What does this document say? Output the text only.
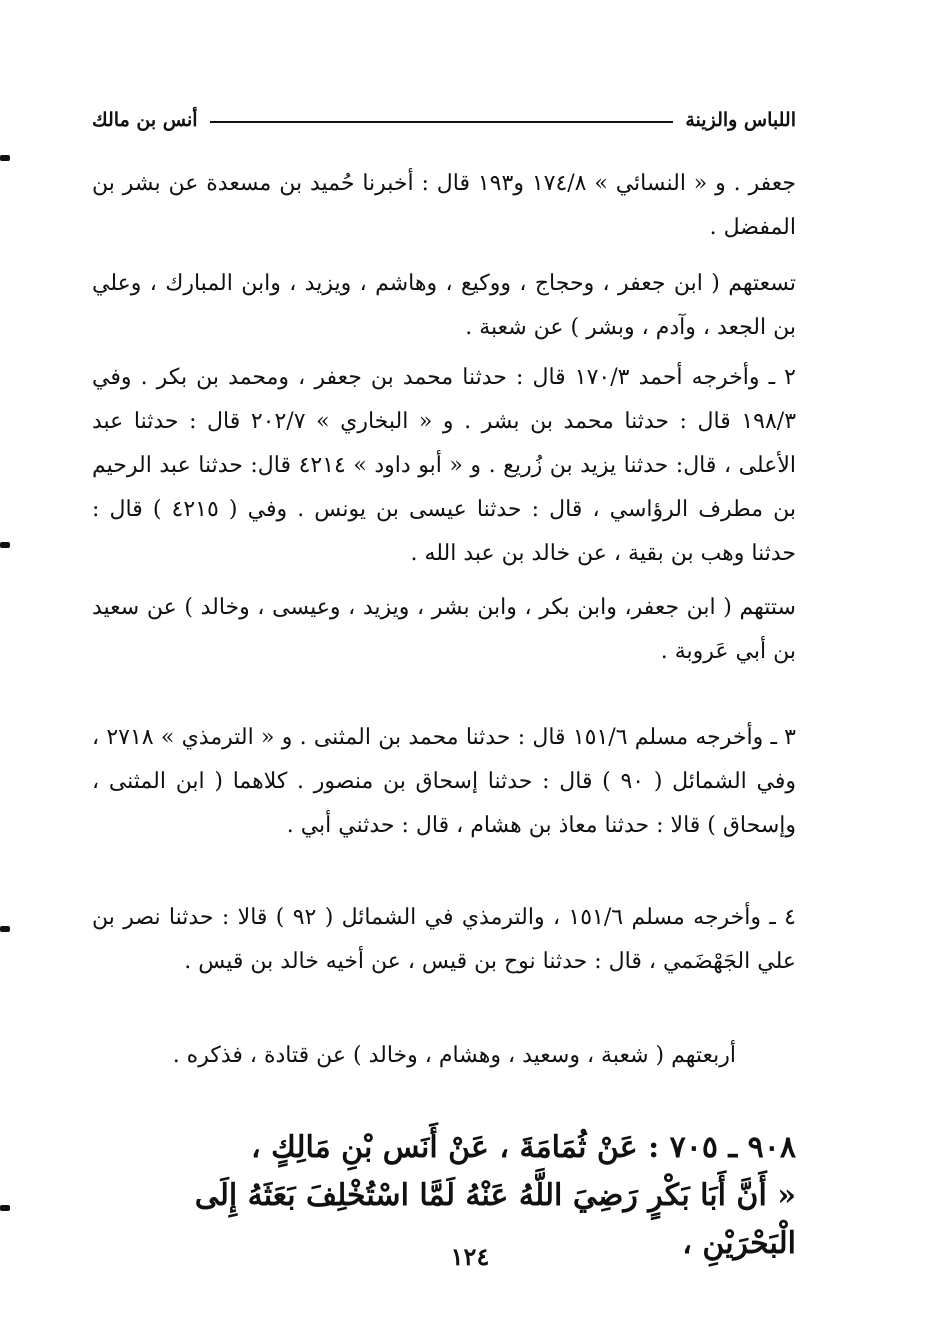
اللباس والزينة
أنس بن مالك

جعفر . و « النسائي » ١٧٤/٨ و١٩٣ قال : أخبرنا حُميد بن مسعدة عن بشر بن المفضل .

تسعتهم ( ابن جعفر ، وحجاج ، ووكيع ، وهاشم ، ويزيد ، وابن المبارك ، وعلي بن الجعد ، وآدم ، وبشر ) عن شعبة .

٢ ـ وأخرجه أحمد ١٧٠/٣ قال : حدثنا محمد بن جعفر ، ومحمد بن بكر . وفي ١٩٨/٣ قال : حدثنا محمد بن بشر . و « البخاري » ٢٠٢/٧ قال : حدثنا عبد الأعلى ، قال: حدثنا يزيد بن زُريع . و « أبو داود » ٤٢١٤ قال: حدثنا عبد الرحيم بن مطرف الرؤاسي ، قال : حدثنا عيسى بن يونس . وفي ( ٤٢١٥ ) قال : حدثنا وهب بن بقية ، عن خالد بن عبد الله .

ستتهم ( ابن جعفر، وابن بكر ، وابن بشر ، ويزيد ، وعيسى ، وخالد ) عن سعيد بن أبي عَروبة .

٣ ـ وأخرجه مسلم ١٥١/٦ قال : حدثنا محمد بن المثنى . و « الترمذي » ٢٧١٨ ، وفي الشمائل ( ٩٠ ) قال : حدثنا إسحاق بن منصور . كلاهما ( ابن المثنى ، وإسحاق ) قالا : حدثنا معاذ بن هشام ، قال : حدثني أبي .

٤ ـ وأخرجه مسلم ١٥١/٦ ، والترمذي في الشمائل ( ٩٢ ) قالا : حدثنا نصر بن علي الجَهْضَمي ، قال : حدثنا نوح بن قيس ، عن أخيه خالد بن قيس .

أربعتهم ( شعبة ، وسعيد ، وهشام ، وخالد ) عن قتادة ، فذكره .

٩٠٨ ـ ٧٠٥ : عَنْ ثُمَامَةَ ، عَنْ أَنَس بْنِ مَالِكٍ ،

« أَنَّ أَبَا بَكْرٍ رَضِيَ اللَّهُ عَنْهُ لَمَّا اسْتُخْلِفَ بَعَثَهُ إِلَى الْبَحْرَيْنِ ،

١٢٤
